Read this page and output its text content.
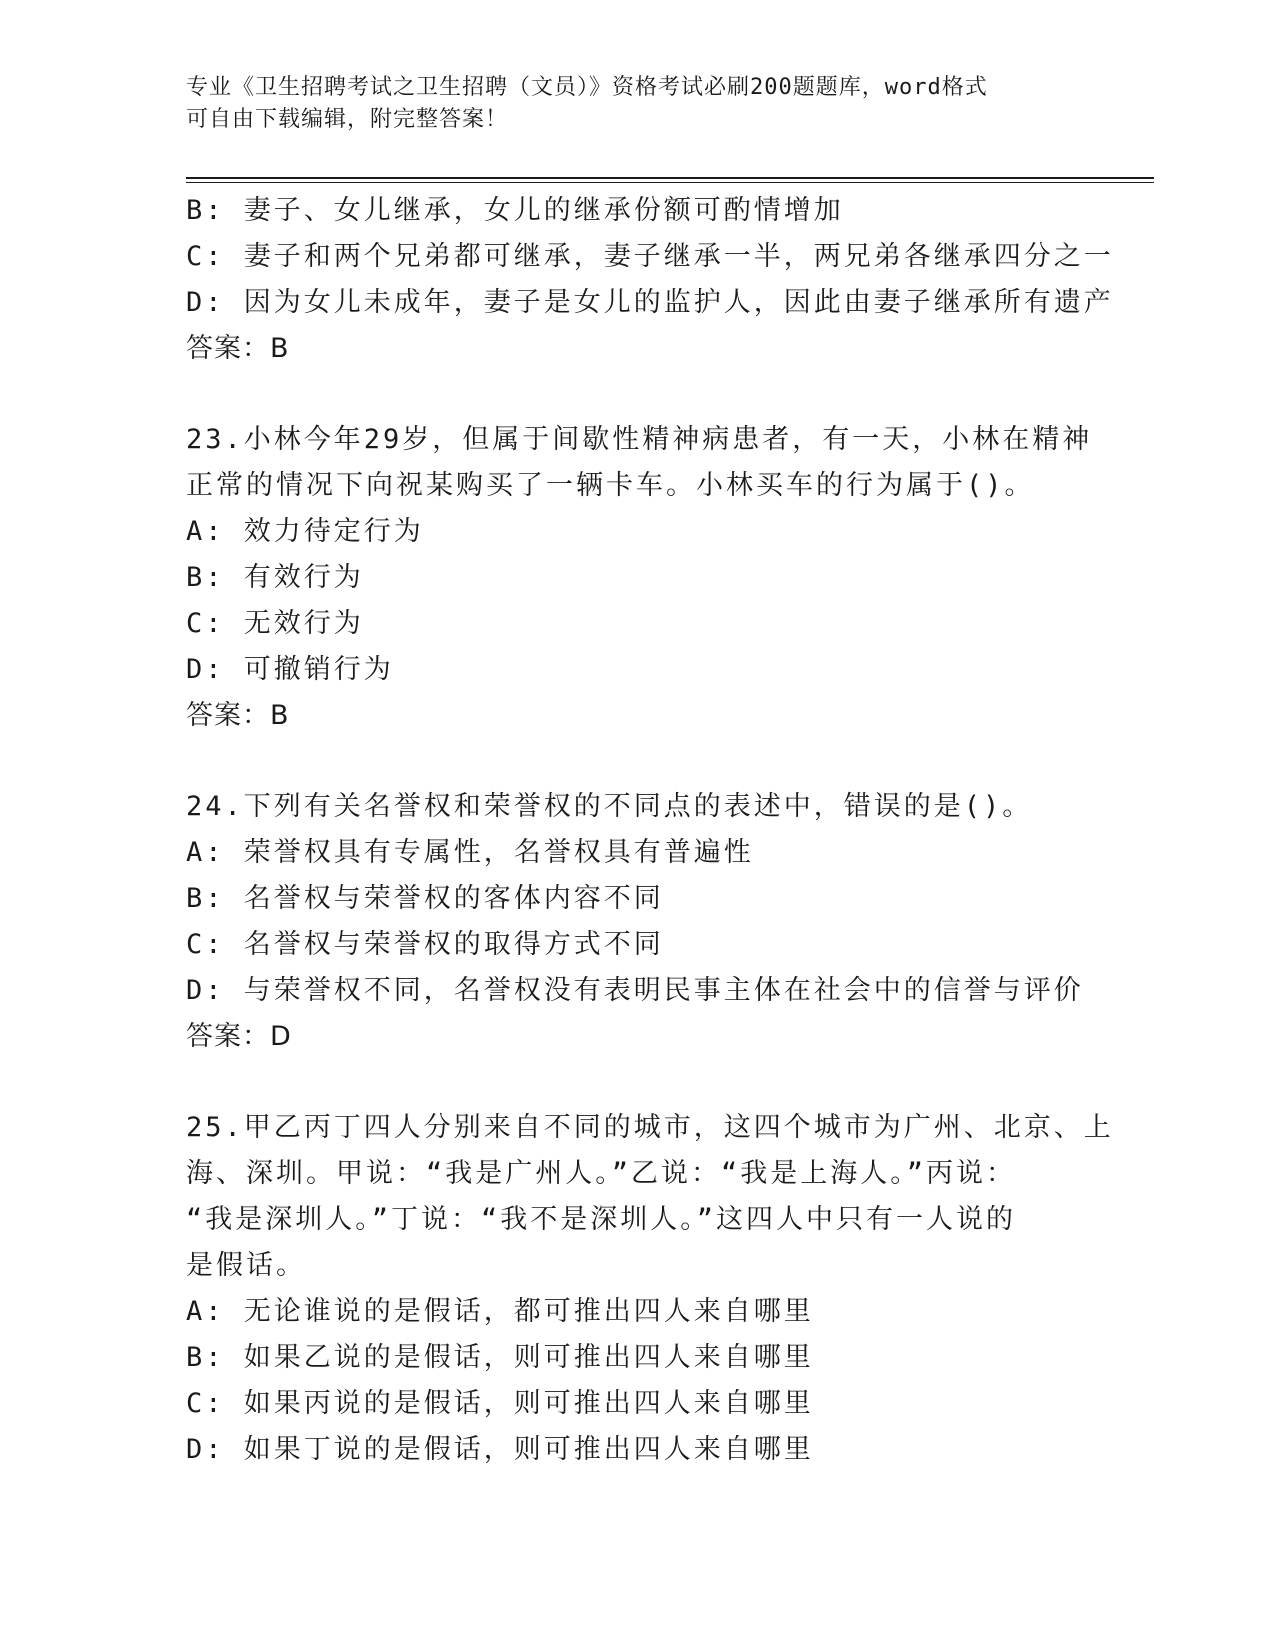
专业《卫生招聘考试之卫生招聘（文员）》资格考试必刷200题题库，word格式
可自由下载编辑，附完整答案！
B: 妻子、女儿继承，女儿的继承份额可酌情增加
C: 妻子和两个兄弟都可继承，妻子继承一半，两兄弟各继承四分之一
D: 因为女儿未成年，妻子是女儿的监护人，因此由妻子继承所有遗产
答案：B
23.小林今年29岁，但属于间歇性精神病患者，有一天，小林在精神
正常的情况下向祝某购买了一辆卡车。小林买车的行为属于()。
A: 效力待定行为
B: 有效行为
C: 无效行为
D: 可撤销行为
答案：B
24.下列有关名誉权和荣誉权的不同点的表述中，错误的是()。
A: 荣誉权具有专属性，名誉权具有普遍性
B: 名誉权与荣誉权的客体内容不同
C: 名誉权与荣誉权的取得方式不同
D: 与荣誉权不同，名誉权没有表明民事主体在社会中的信誉与评价
答案：D
25.甲乙丙丁四人分别来自不同的城市，这四个城市为广州、北京、上
海、深圳。甲说：“我是广州人。”乙说：“我是上海人。”丙说：
“我是深圳人。”丁说：“我不是深圳人。”这四人中只有一人说的
是假话。
A: 无论谁说的是假话，都可推出四人来自哪里
B: 如果乙说的是假话，则可推出四人来自哪里
C: 如果丙说的是假话，则可推出四人来自哪里
D: 如果丁说的是假话，则可推出四人来自哪里
